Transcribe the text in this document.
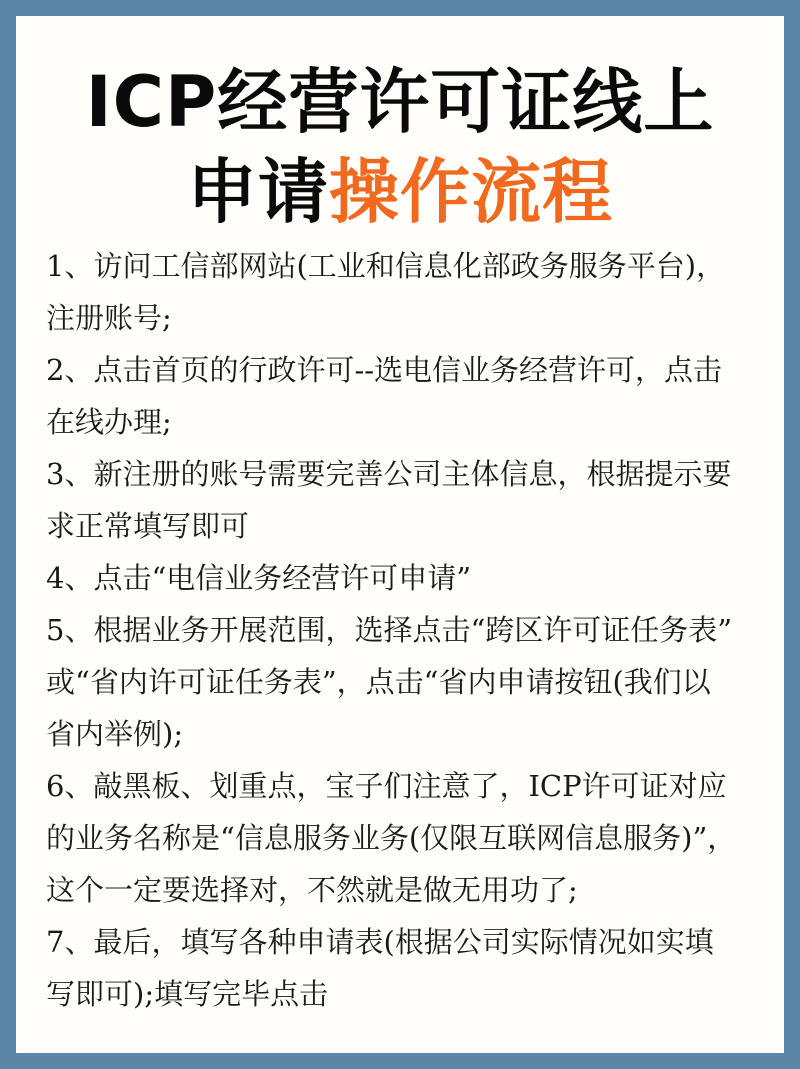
ICP经营许可证线上
申请操作流程
1、访问工信部网站(工业和信息化部政务服务平台)，
注册账号;
2、点击首页的行政许可--选电信业务经营许可，点击
在线办理;
3、新注册的账号需要完善公司主体信息，根据提示要
求正常填写即可
4、点击“电信业务经营许可申请”
5、根据业务开展范围，选择点击“跨区许可证任务表”
或“省内许可证任务表”，点击“省内申请按钮(我们以
省内举例);
6、敲黑板、划重点，宝子们注意了，ICP许可证对应
的业务名称是“信息服务业务(仅限互联网信息服务)”，
这个一定要选择对，不然就是做无用功了;
7、最后，填写各种申请表(根据公司实际情况如实填
写即可);填写完毕点击
